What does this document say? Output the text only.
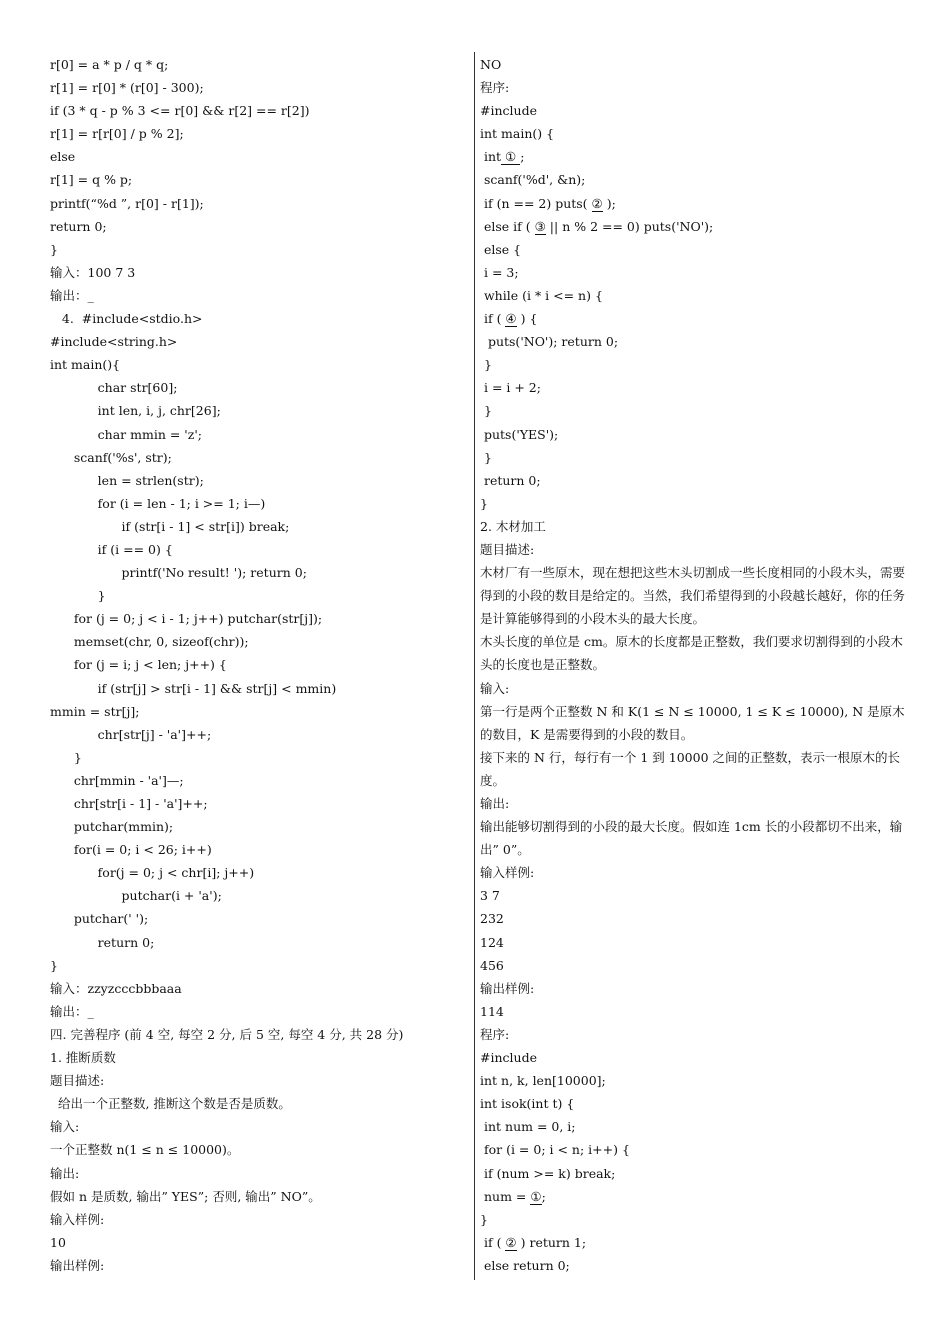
r[0] = a * p / q * q;
r[1] = r[0] * (r[0] - 300);
if (3 * q - p % 3 <= r[0] && r[2] == r[2])
r[1] = r[r[0] / p % 2];
else
r[1] = q % p;
printf(“%d ”, r[0] - r[1]);
return 0;
}
输入：100 7 3
输出：_
4.  #include<stdio.h>
#include<string.h>
int main(){
char str[60];
int len, i, j, chr[26];
char mmin = 'z';
scanf('%s', str);
len = strlen(str);
for (i = len - 1; i >= 1; i—)
if (str[i - 1] < str[i]) break;
if (i == 0) {
printf('No result! '); return 0;
}
for (j = 0; j < i - 1; j++) putchar(str[j]);
memset(chr, 0, sizeof(chr));
for (j = i; j < len; j++) {
if (str[j] > str[i - 1] && str[j] < mmin)
mmin = str[j];
chr[str[j] - 'a']++;
}
chr[mmin - 'a']—;
chr[str[i - 1] - 'a']++;
putchar(mmin);
for(i = 0; i < 26; i++)
for(j = 0; j < chr[i]; j++)
putchar(i + 'a');
putchar(' ');
return 0;
}
输入：zzyzcccbbbaaa
输出：_
四. 完善程序 (前 4 空, 每空 2 分, 后 5 空, 每空 4 分, 共 28 分)
1. 推断质数
题目描述:
给出一个正整数, 推断这个数是否是质数。
输入:
一个正整数 n(1 ≤ n ≤ 10000)。
输出:
假如 n 是质数, 输出” YES”; 否则, 输出” NO”。
输入样例:
10
输出样例:
NO
程序:
#include
int main() {
int ① ;
scanf('%d', &n);
if (n == 2) puts( ② );
else if ( ③ || n % 2 == 0) puts('NO');
else {
i = 3;
while (i * i <= n) {
if ( ④ ) {
puts('NO'); return 0;
}
i = i + 2;
}
puts('YES');
}
return 0;
}
2. 木材加工
题目描述:
木材厂有一些原木，现在想把这些木头切割成一些长度相同的小段木头，需要得到的小段的数目是给定的。当然，我们希望得到的小段越长越好，你的任务是计算能够得到的小段木头的最大长度。
木头长度的单位是 cm。原木的长度都是正整数，我们要求切割得到的小段木头的长度也是正整数。
输入:
第一行是两个正整数 N 和 K(1 ≤ N ≤ 10000, 1 ≤ K ≤ 10000), N 是原木的数目，K 是需要得到的小段的数目。
接下来的 N 行，每行有一个 1 到 10000 之间的正整数，表示一根原木的长度。
输出:
输出能够切割得到的小段的最大长度。假如连 1cm 长的小段都切不出来，输出” 0”。
输入样例:
3 7
232
124
456
输出样例:
114
程序:
#include
int n, k, len[10000];
int isok(int t) {
int num = 0, i;
for (i = 0; i < n; i++) {
if (num >= k) break;
num = ①;
}
if ( ② ) return 1;
else return 0;
